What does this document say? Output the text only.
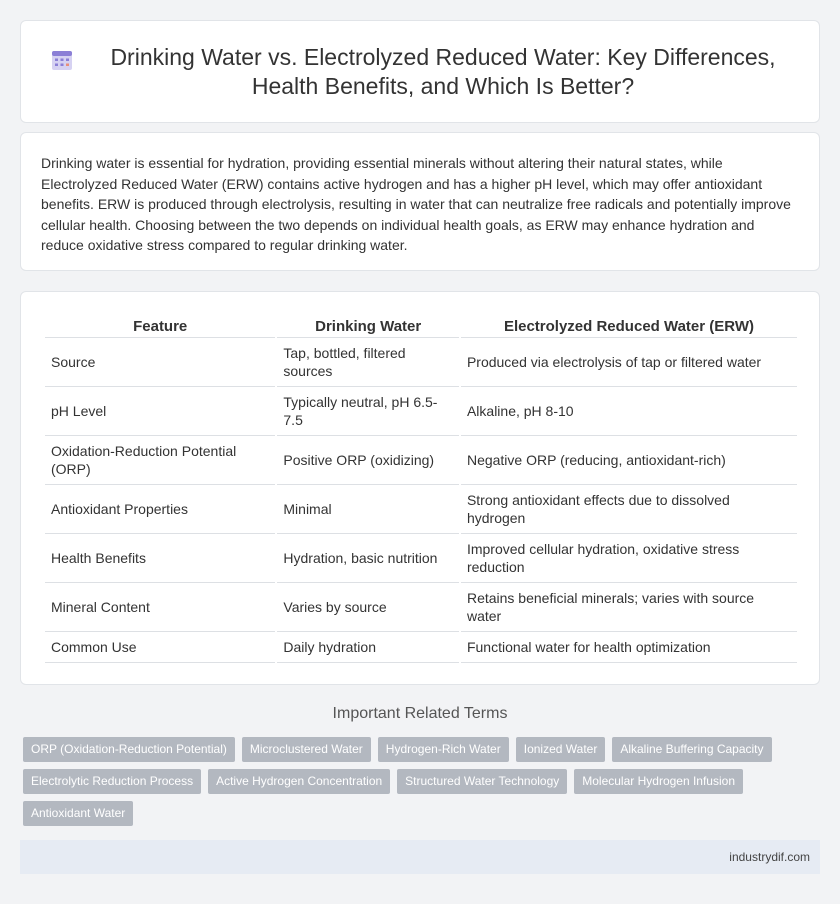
Drinking Water vs. Electrolyzed Reduced Water: Key Differences, Health Benefits, and Which Is Better?

Drinking water is essential for hydration, providing essential minerals without altering their natural states, while Electrolyzed Reduced Water (ERW) contains active hydrogen and has a higher pH level, which may offer antioxidant benefits. ERW is produced through electrolysis, resulting in water that can neutralize free radicals and potentially improve cellular health. Choosing between the two depends on individual health goals, as ERW may enhance hydration and reduce oxidative stress compared to regular drinking water.

Feature	Drinking Water	Electrolyzed Reduced Water (ERW)
Source	Tap, bottled, filtered sources	Produced via electrolysis of tap or filtered water
pH Level	Typically neutral, pH 6.5-7.5	Alkaline, pH 8-10
Oxidation-Reduction Potential (ORP)	Positive ORP (oxidizing)	Negative ORP (reducing, antioxidant-rich)
Antioxidant Properties	Minimal	Strong antioxidant effects due to dissolved hydrogen
Health Benefits	Hydration, basic nutrition	Improved cellular hydration, oxidative stress reduction
Mineral Content	Varies by source	Retains beneficial minerals; varies with source water
Common Use	Daily hydration	Functional water for health optimization
Important Related Terms
ORP (Oxidation-Reduction Potential)	Microclustered Water	Hydrogen-Rich Water	Ionized Water	Alkaline Buffering Capacity
Electrolytic Reduction Process	Active Hydrogen Concentration	Structured Water Technology	Molecular Hydrogen Infusion
Antioxidant Water
industrydif.com
